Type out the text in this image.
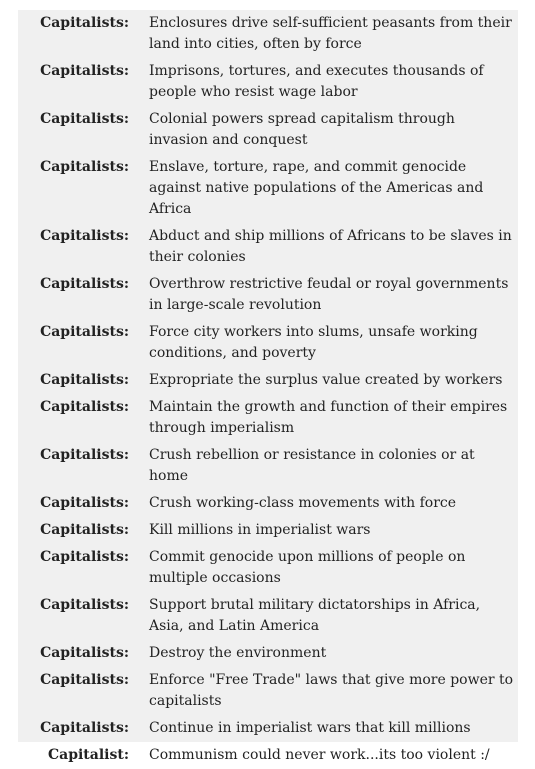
Capitalists:	Enclosures drive self-sufficient peasants from their land into cities, often by force
Capitalists:	Imprisons, tortures, and executes thousands of people who resist wage labor
Capitalists:	Colonial powers spread capitalism through invasion and conquest
Capitalists:	Enslave, torture, rape, and commit genocide against native populations of the Americas and Africa
Capitalists:	Abduct and ship millions of Africans to be slaves in their colonies
Capitalists:	Overthrow restrictive feudal or royal governments in large-scale revolution
Capitalists:	Force city workers into slums, unsafe working conditions, and poverty
Capitalists:	Expropriate the surplus value created by workers
Capitalists:	Maintain the growth and function of their empires through imperialism
Capitalists:	Crush rebellion or resistance in colonies or at home
Capitalists:	Crush working-class movements with force
Capitalists:	Kill millions in imperialist wars
Capitalists:	Commit genocide upon millions of people on multiple occasions
Capitalists:	Support brutal military dictatorships in Africa, Asia, and Latin America
Capitalists:	Destroy the environment
Capitalists:	Enforce "Free Trade" laws that give more power to capitalists
Capitalists:	Continue in imperialist wars that kill millions
Capitalist:	Communism could never work...its too violent :/
